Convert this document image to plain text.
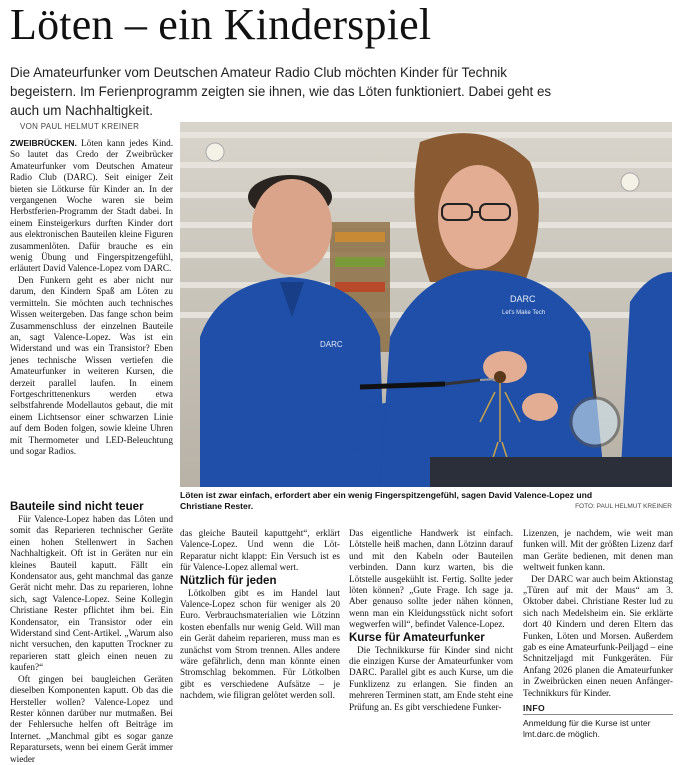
Löten – ein Kinderspiel

Die Amateurfunker vom Deutschen Amateur Radio Club möchten Kinder für Technik begeistern. Im Ferienprogramm zeigten sie ihnen, wie das Löten funktioniert. Dabei geht es auch um Nachhaltigkeit.

VON PAUL HELMUT KREINER

ZWEIBRÜCKEN. Löten kann jedes Kind. So lautet das Credo der Zweibrücker Amateurfunker vom Deutschen Amateur Radio Club (DARC). Seit einiger Zeit bieten sie Lötkurse für Kinder an. In der vergangenen Woche waren sie beim Herbstferien-Programm der Stadt dabei. In einem Einsteigerkurs durften Kinder dort aus elektronischen Bauteilen kleine Figuren zusammenlöten. Dafür brauche es ein wenig Übung und Fingerspitzengefühl, erläutert David Valence-Lopez vom DARC.

Den Funkern geht es aber nicht nur darum, den Kindern Spaß am Löten zu vermitteln. Sie möchten auch technisches Wissen weitergeben. Das fange schon beim Zusammenschluss der einzelnen Bauteile an, sagt Valence-Lopez. Was ist ein Widerstand und was ein Transistor? Eben jenes technische Wissen vertiefen die Amateurfunker in weiteren Kursen, die derzeit parallel laufen. In einem Fortgeschrittenenkurs werden etwa selbstfahrende Modellautos gebaut, die mit einem Lichtsensor einer schwarzen Linie auf dem Boden folgen, sowie kleine Uhren mit Thermometer und LED-Beleuchtung und sogar Radios.

Bauteile sind nicht teuer

Für Valence-Lopez haben das Löten und somit das Reparieren technischer Geräte einen hohen Stellenwert in Sachen Nachhaltigkeit. Oft ist in Geräten nur ein kleines Bauteil kaputt. Fällt ein Kondensator aus, geht manchmal das ganze Gerät nicht mehr. Das zu reparieren, lohne sich, sagt Valence-Lopez. Seine Kollegin Christiane Rester pflichtet ihm bei. Ein Kondensator, ein Transistor oder ein Widerstand sind Cent-Artikel. „Warum also nicht versuchen, den kaputten Trockner zu reparieren statt gleich einen neuen zu kaufen?“

Oft gingen bei baugleichen Geräten dieselben Komponenten kaputt. Ob das die Hersteller wollen? Valence-Lopez und Rester können darüber nur mutmaßen. Bei der Fehlersuche helfen oft Beiträge im Internet. „Manchmal gibt es sogar ganze Reparatursets, wenn bei einem Gerät immer wieder

DARC
DARC
Let's Make Tech
Löten ist zwar einfach, erfordert aber ein wenig Fingerspitzengefühl, sagen David Valence-Lopez und Christiane Rester.	FOTO: PAUL HELMUT KREINER

das gleiche Bauteil kaputtgeht“, erklärt Valence-Lopez. Und wenn die Löt-Reparatur nicht klappt: Ein Versuch ist es für Valence-Lopez allemal wert.

Nützlich für jeden

Lötkolben gibt es im Handel laut Valence-Lopez schon für weniger als 20 Euro. Verbrauchsmaterialien wie Lötzinn kosten ebenfalls nur wenig Geld. Will man ein Gerät daheim reparieren, muss man es zunächst vom Strom trennen. Alles andere wäre gefährlich, denn man könnte einen Stromschlag bekommen. Für Lötkolben gibt es verschiedene Aufsätze – je nachdem, wie filigran gelötet werden soll.

Das eigentliche Handwerk ist einfach. Lötstelle heiß machen, dann Lötzinn darauf und mit den Kabeln oder Bauteilen verbinden. Dann kurz warten, bis die Lötstelle ausgekühlt ist. Fertig. Sollte jeder löten können? „Gute Frage. Ich sage ja. Aber genauso sollte jeder nähen können, wenn man ein Kleidungsstück nicht sofort wegwerfen will“, befindet Valence-Lopez.

Kurse für Amateurfunker

Die Technikkurse für Kinder sind nicht die einzigen Kurse der Amateurfunker vom DARC. Parallel gibt es auch Kurse, um die Funklizenz zu erlangen. Sie finden an mehreren Terminen statt, am Ende steht eine Prüfung an. Es gibt verschiedene Funker-

Lizenzen, je nachdem, wie weit man funken will. Mit der größten Lizenz darf man Geräte bedienen, mit denen man weltweit funken kann.

Der DARC war auch beim Aktionstag „Türen auf mit der Maus“ am 3. Oktober dabei. Christiane Rester lud zu sich nach Medelsheim ein. Sie erklärte dort 40 Kindern und deren Eltern das Funken, Löten und Morsen. Außerdem gab es eine Amateurfunk-Peiljagd – eine Schnitzeljagd mit Funkgeräten. Für Anfang 2026 planen die Amateurfunker in Zweibrücken einen neuen Anfänger-Technikkurs für Kinder.

INFO
Anmeldung für die Kurse ist unter lmt.darc.de möglich.
